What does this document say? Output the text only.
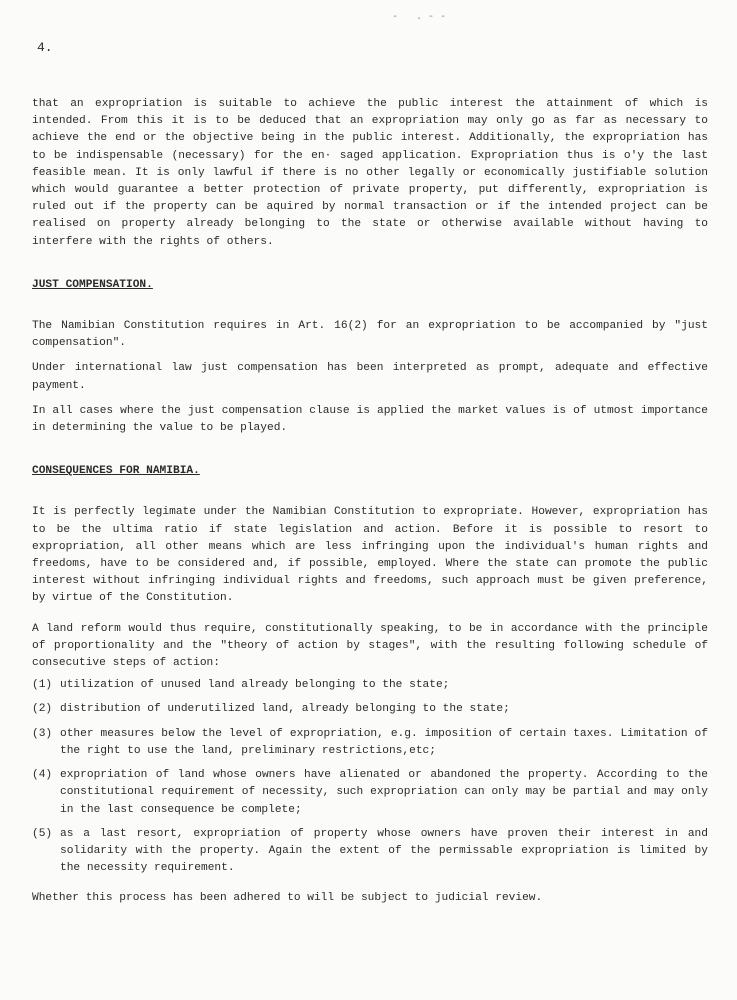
- .--
4.

that an expropriation is suitable to achieve the public interest the attainment of which is intended. From this it is to be deduced that an expropriation may only go as far as necessary to achieve the end or the objective being in the public interest. Additionally, the expropriation has to be indispensable (necessary) for the en· saged application. Expropriation thus is o'y the last feasible mean. It is only lawful if there is no other legally or economically justifiable solution which would guarantee a better protection of private property, put differently, expropriation is ruled out if the property can be aquired by normal transaction or if the intended project can be realised on property already belonging to the state or otherwise available without having to interfere with the rights of others.

JUST COMPENSATION.

The Namibian Constitution requires in Art. 16(2) for an expropriation to be accompanied by "just compensation".

Under international law just compensation has been interpreted as prompt, adequate and effective payment.

In all cases where the just compensation clause is applied the market values is of utmost importance in determining the value to be played.

CONSEQUENCES FOR NAMIBIA.

It is perfectly legimate under the Namibian Constitution to expropriate. However, expropriation has to be the ultima ratio if state legislation and action. Before it is possible to resort to expropriation, all other means which are less infringing upon the individual's human rights and freedoms, have to be considered and, if possible, employed. Where the state can promote the public interest without infringing individual rights and freedoms, such approach must be given preference, by virtue of the Constitution.

A land reform would thus require, constitutionally speaking, to be in accordance with the principle of proportionality and the "theory of action by stages", with the resulting following schedule of consecutive steps of action:

(1) utilization of unused land already belonging to the state;
(2) distribution of underutilized land, already belonging to the state;
(3) other measures below the level of expropriation, e.g. imposition of certain taxes. Limitation of the right to use the land, preliminary restrictions,etc;
(4) expropriation of land whose owners have alienated or abandoned the property. According to the constitutional requirement of necessity, such expropriation can only may be partial and may only in the last consequence be complete;
(5) as a last resort, expropriation of property whose owners have proven their interest in and solidarity with the property. Again the extent of the permissable expropriation is limited by the necessity requirement.

Whether this process has been adhered to will be subject to judicial review.
